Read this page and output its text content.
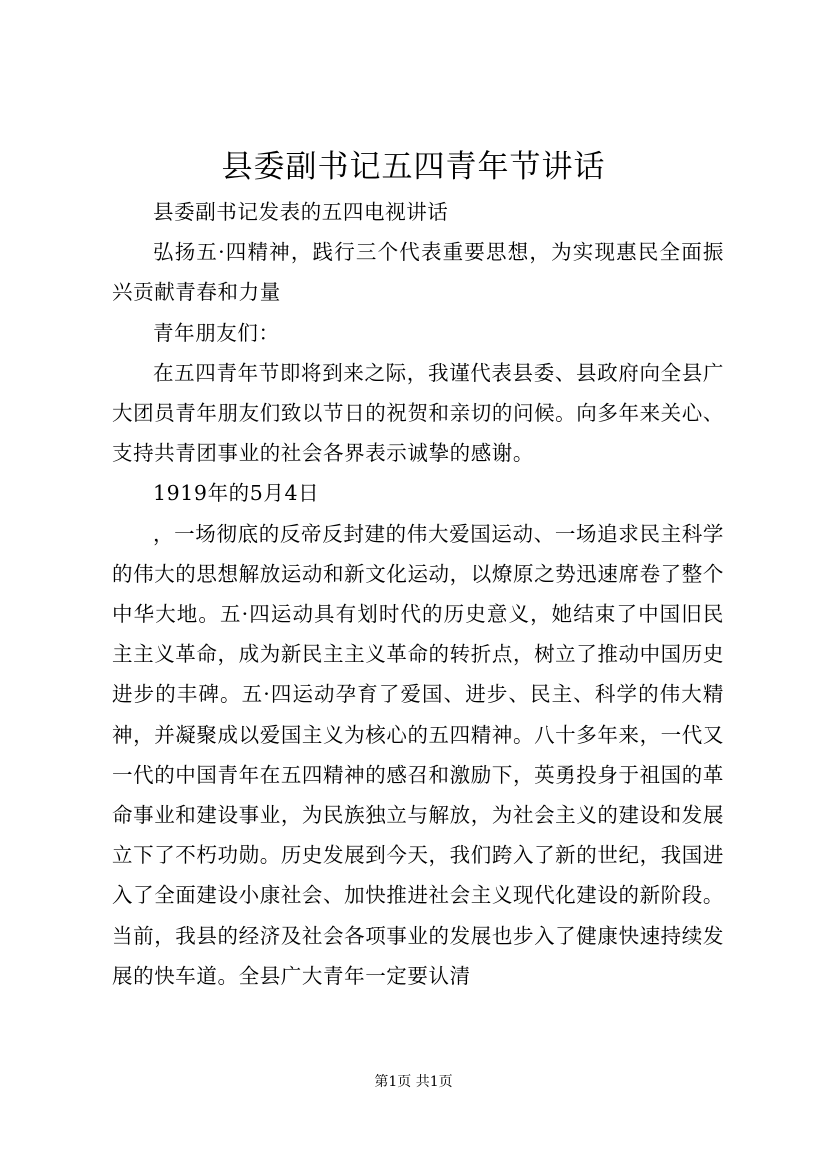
县委副书记五四青年节讲话

县委副书记发表的五四电视讲话

弘扬五·四精神，践行三个代表重要思想，为实现惠民全面振兴贡献青春和力量

青年朋友们：

在五四青年节即将到来之际，我谨代表县委、县政府向全县广大团员青年朋友们致以节日的祝贺和亲切的问候。向多年来关心、支持共青团事业的社会各界表示诚挚的感谢。

1919年的5月4日

，一场彻底的反帝反封建的伟大爱国运动、一场追求民主科学的伟大的思想解放运动和新文化运动，以燎原之势迅速席卷了整个中华大地。五·四运动具有划时代的历史意义，她结束了中国旧民主主义革命，成为新民主主义革命的转折点，树立了推动中国历史进步的丰碑。五·四运动孕育了爱国、进步、民主、科学的伟大精神，并凝聚成以爱国主义为核心的五四精神。八十多年来，一代又一代的中国青年在五四精神的感召和激励下，英勇投身于祖国的革命事业和建设事业，为民族独立与解放，为社会主义的建设和发展立下了不朽功勋。历史发展到今天，我们跨入了新的世纪，我国进入了全面建设小康社会、加快推进社会主义现代化建设的新阶段。当前，我县的经济及社会各项事业的发展也步入了健康快速持续发展的快车道。全县广大青年一定要认清

第1页 共1页
